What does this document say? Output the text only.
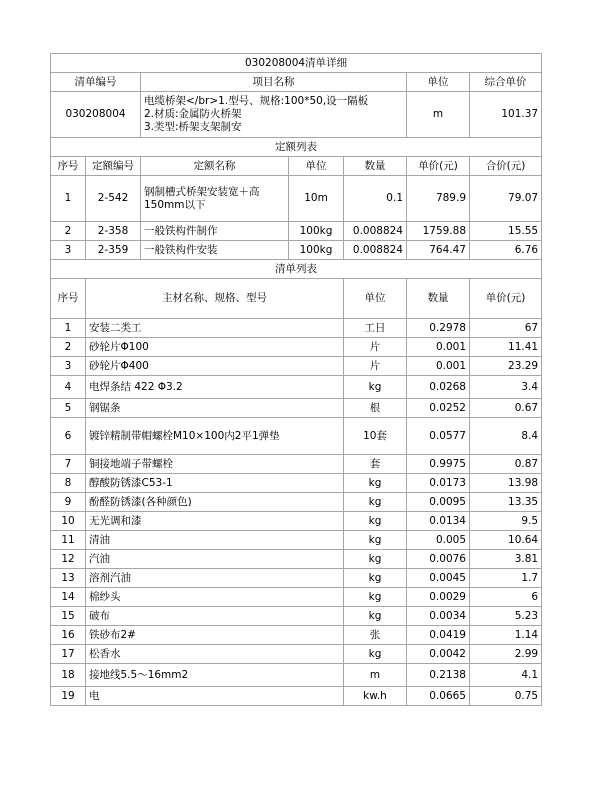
030208004清单详细							
清单编号		项目名称			单位	综合单价	
030208004		电缆桥架</br>1.型号、规格:100*50,设一隔板
2.材质:金属防火桥架
3.类型:桥架支架制安			m	101.37	
定额列表							
序号	定额编号	定额名称	单位	数量	单价(元)	合价(元)	
1	2-542	钢制槽式桥架安装宽＋高150mm以下	10m	0.1	789.9	79.07	
2	2-358	一般铁构件制作	100kg	0.008824	1759.88	15.55	
3	2-359	一般铁构件安装	100kg	0.008824	764.47	6.76	
清单列表							
序号	主材名称、规格、型号			单位	数量	单价(元)	
1	安装二类工			工日	0.2978	67	
2	砂轮片Φ100			片	0.001	11.41	
3	砂轮片Φ400			片	0.001	23.29	
4	电焊条结 422 Φ3.2			kg	0.0268	3.4	
5	钢锯条			根	0.0252	0.67	
6	镀锌精制带帽螺栓M10×100内2平1弹垫			10套	0.0577	8.4	
7	铜接地端子带螺栓			套	0.9975	0.87	
8	醇酸防锈漆C53-1			kg	0.0173	13.98	
9	酚醛防锈漆(各种颜色)			kg	0.0095	13.35	
10	无光调和漆			kg	0.0134	9.5	
11	清油			kg	0.005	10.64	
12	汽油			kg	0.0076	3.81	
13	溶剂汽油			kg	0.0045	1.7	
14	棉纱头			kg	0.0029	6	
15	破布			kg	0.0034	5.23	
16	铁砂布2#			张	0.0419	1.14	
17	松香水			kg	0.0042	2.99	
18	接地线5.5～16mm2			m	0.2138	4.1	
19	电			kw.h	0.0665	0.75	
